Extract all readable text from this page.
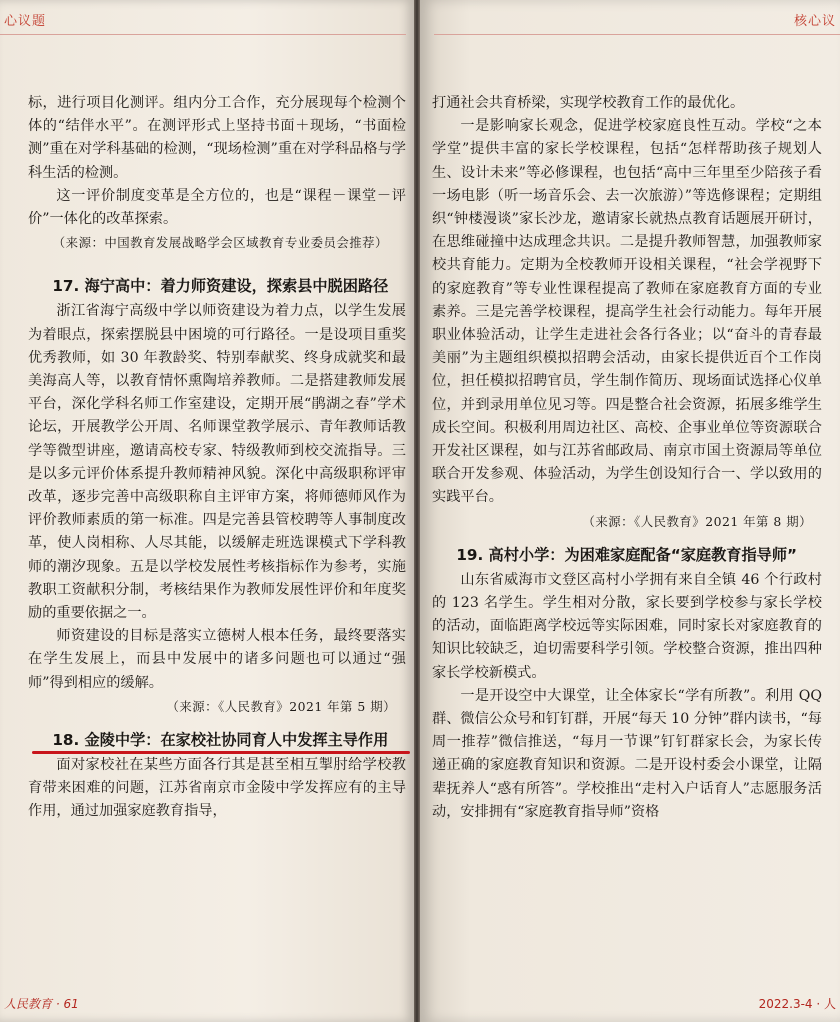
心议题

标，进行项目化测评。组内分工合作，充分展现每个检测个体的“结伴水平”。在测评形式上坚持书面＋现场，“书面检测”重在对学科基础的检测，“现场检测”重在对学科品格与学科生活的检测。

这一评价制度变革是全方位的，也是“课程－课堂－评价”一体化的改革探索。

（来源：中国教育发展战略学会区域教育专业委员会推荐）

17. 海宁高中：着力师资建设，探索县中脱困路径

浙江省海宁高级中学以师资建设为着力点，以学生发展为着眼点，探索摆脱县中困境的可行路径。一是设项目重奖优秀教师，如 30 年教龄奖、特别奉献奖、终身成就奖和最美海高人等，以教育情怀熏陶培养教师。二是搭建教师发展平台，深化学科名师工作室建设，定期开展“鹃湖之春”学术论坛，开展教学公开周、名师课堂教学展示、青年教师话教学等微型讲座，邀请高校专家、特级教师到校交流指导。三是以多元评价体系提升教师精神风貌。深化中高级职称评审改革，逐步完善中高级职称自主评审方案，将师德师风作为评价教师素质的第一标准。四是完善县管校聘等人事制度改革，使人岗相称、人尽其能，以缓解走班选课模式下学科教师的潮汐现象。五是以学校发展性考核指标作为参考，实施教职工资献积分制，考核结果作为教师发展性评价和年度奖励的重要依据之一。

师资建设的目标是落实立德树人根本任务，最终要落实在学生发展上，而县中发展中的诸多问题也可以通过“强师”得到相应的缓解。

（来源：《人民教育》2021 年第 5 期）

18. 金陵中学：在家校社协同育人中发挥主导作用

面对家校社在某些方面各行其是甚至相互掣肘给学校教育带来困难的问题，江苏省南京市金陵中学发挥应有的主导作用，通过加强家庭教育指导，

人民教育 · 61
核心议

打通社会共育桥梁，实现学校教育工作的最优化。

一是影响家长观念，促进学校家庭良性互动。学校“之本学堂”提供丰富的家长学校课程，包括“怎样帮助孩子规划人生、设计未来”等必修课程，也包括“高中三年里至少陪孩子看一场电影（听一场音乐会、去一次旅游）”等选修课程；定期组织“钟楼漫谈”家长沙龙，邀请家长就热点教育话题展开研讨，在思维碰撞中达成理念共识。二是提升教师智慧，加强教师家校共育能力。定期为全校教师开设相关课程，“社会学视野下的家庭教育”等专业性课程提高了教师在家庭教育方面的专业素养。三是完善学校课程，提高学生社会行动能力。每年开展职业体验活动，让学生走进社会各行各业；以“奋斗的青春最美丽”为主题组织模拟招聘会活动，由家长提供近百个工作岗位，担任模拟招聘官员，学生制作简历、现场面试选择心仪单位，并到录用单位见习等。四是整合社会资源，拓展多维学生成长空间。积极利用周边社区、高校、企事业单位等资源联合开发社区课程，如与江苏省邮政局、南京市国土资源局等单位联合开发参观、体验活动，为学生创设知行合一、学以致用的实践平台。

（来源：《人民教育》2021 年第 8 期）

19. 高村小学：为困难家庭配备“家庭教育指导师”

山东省威海市文登区高村小学拥有来自全镇 46 个行政村的 123 名学生。学生相对分散，家长要到学校参与家长学校的活动，面临距离学校远等实际困难，同时家长对家庭教育的知识比较缺乏，迫切需要科学引领。学校整合资源，推出四种家长学校新模式。

一是开设空中大课堂，让全体家长“学有所教”。利用 QQ 群、微信公众号和钉钉群，开展“每天 10 分钟”群内读书，“每周一推荐”微信推送，“每月一节课”钉钉群家长会，为家长传递正确的家庭教育知识和资源。二是开设村委会小课堂，让隔辈抚养人“惑有所答”。学校推出“走村入户话育人”志愿服务活动，安排拥有“家庭教育指导师”资格

2022.3-4 · 人
